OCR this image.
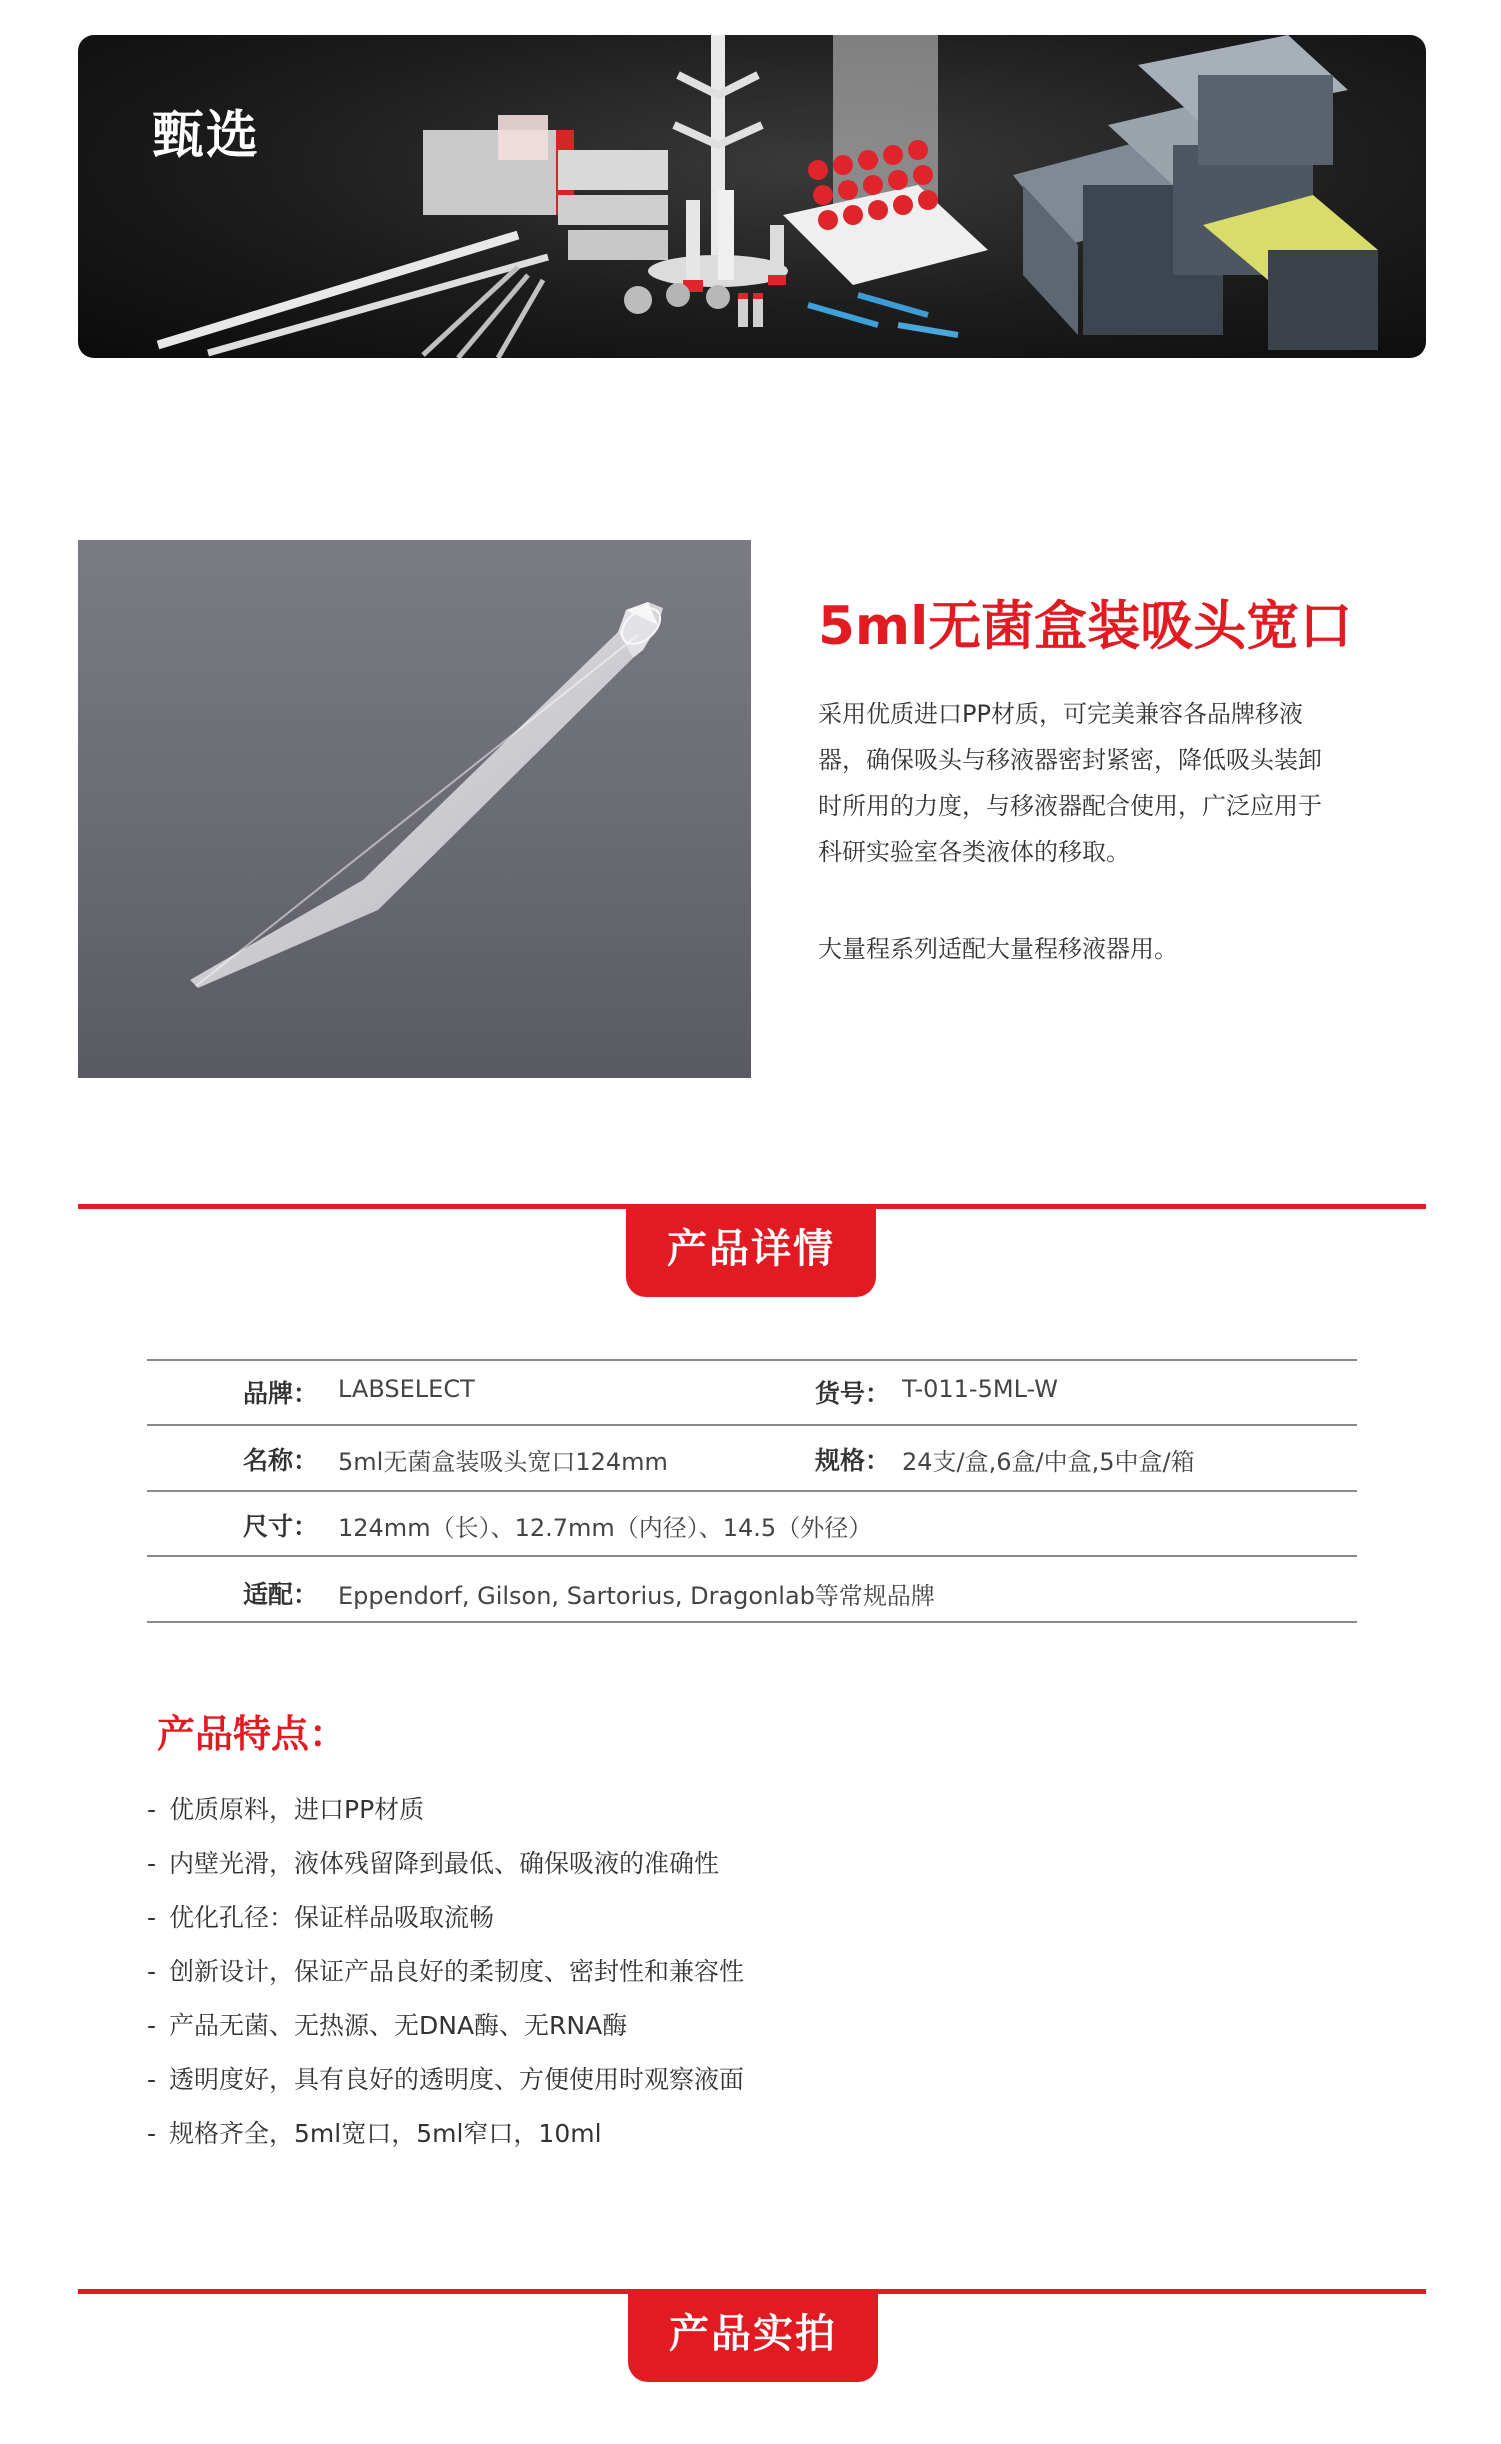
甄选
5ml无菌盒装吸头宽口
采用优质进口PP材质，可完美兼容各品牌移液
器，确保吸头与移液器密封紧密，降低吸头装卸
时所用的力度，与移液器配合使用，广泛应用于
科研实验室各类液体的移取。
大量程系列适配大量程移液器用。
产品详情
品牌： LABSELECT	货号： T-011-5ML-W
名称： 5ml无菌盒装吸头宽口124mm	规格： 24支/盒,6盒/中盒,5中盒/箱
尺寸： 124mm（长）、12.7mm（内径）、14.5（外径）
适配： Eppendorf, Gilson, Sartorius, Dragonlab等常规品牌
产品特点：
- 优质原料，进口PP材质
- 内壁光滑，液体残留降到最低、确保吸液的准确性
- 优化孔径：保证样品吸取流畅
- 创新设计，保证产品良好的柔韧度、密封性和兼容性
- 产品无菌、无热源、无DNA酶、无RNA酶
- 透明度好，具有良好的透明度、方便使用时观察液面
- 规格齐全，5ml宽口，5ml窄口，10ml
产品实拍
